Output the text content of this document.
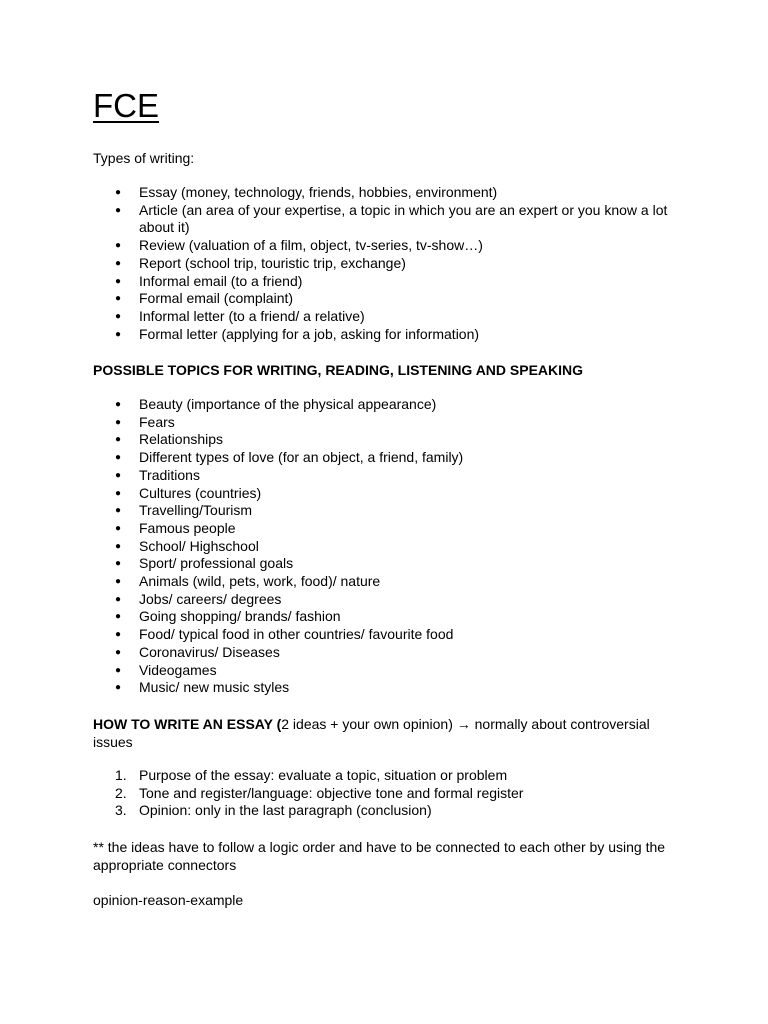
FCE

Types of writing:

● Essay (money, technology, friends, hobbies, environment)
● Article (an area of your expertise, a topic in which you are an expert or you know a lot about it)
● Review (valuation of a film, object, tv-series, tv-show…)
● Report (school trip, touristic trip, exchange)
● Informal email (to a friend)
● Formal email (complaint)
● Informal letter (to a friend/ a relative)
● Formal letter (applying for a job, asking for information)

POSSIBLE TOPICS FOR WRITING, READING, LISTENING AND SPEAKING

● Beauty (importance of the physical appearance)
● Fears
● Relationships
● Different types of love (for an object, a friend, family)
● Traditions
● Cultures (countries)
● Travelling/Tourism
● Famous people
● School/ Highschool
● Sport/ professional goals
● Animals (wild, pets, work, food)/ nature
● Jobs/ careers/ degrees
● Going shopping/ brands/ fashion
● Food/ typical food in other countries/ favourite food
● Coronavirus/ Diseases
● Videogames
● Music/ new music styles

HOW TO WRITE AN ESSAY (2 ideas + your own opinion) → normally about controversial issues

1. Purpose of the essay: evaluate a topic, situation or problem
2. Tone and register/language: objective tone and formal register
3. Opinion: only in the last paragraph (conclusion)

** the ideas have to follow a logic order and have to be connected to each other by using the appropriate connectors

opinion-reason-example
